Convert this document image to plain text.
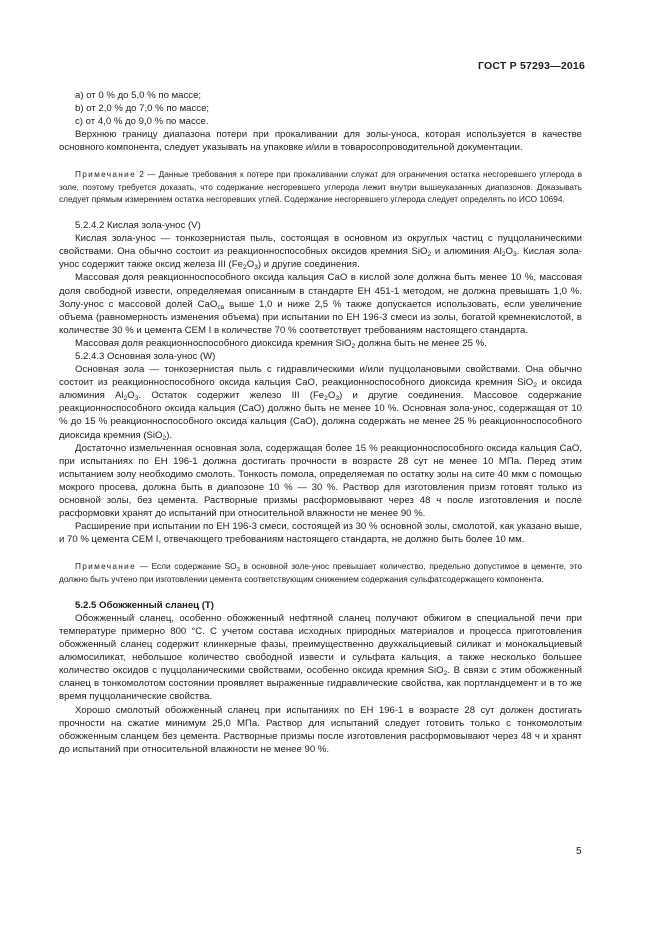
ГОСТ Р 57293—2016

a) от 0 % до 5,0 % по массе;

b) от 2,0 % до 7,0 % по массе;

c) от 4,0 % до 9,0 % по массе.

Верхнюю границу диапазона потери при прокаливании для золы-уноса, которая используется в качестве основного компонента, следует указывать на упаковке и/или в товаросопроводительной документации.

Примечание 2 — Данные требования к потере при прокаливании служат для ограничения остатка несгоревшего углерода в золе, поэтому требуется доказать, что содержание несгоревшего углерода лежит внутри вышеуказанных диапазонов. Доказывать следует прямым измерением остатка несгоревших углей. Содержание несгоревшего углерода следует определять по ИСО 10694.

5.2.4.2 Кислая зола-унос (V)

Кислая зола-унос — тонкозернистая пыль, состоящая в основном из округлых частиц с пуццоланическими свойствами. Она обычно состоит из реакционноспособных оксидов кремния SiO$_2$ и алюминия $Al_2O_3$. Кислая зола-унос содержит также оксид железа III $(Fe_2O_3)$ и другие соединения.

Массовая доля реакционноспособного оксида кальция CaO в кислой золе должна быть менее 10 %, массовая доля свободной извести, определяемая описанным в стандарте ЕН 451-1 методом, не должна превышать 1,0 %. Золу-унос с массовой долей CaO$_{св}$ выше 1,0 и ниже 2,5 % также допускается использовать, если увеличение объема (равномерность изменения объема) при испытании по ЕН 196-3 смеси из золы, богатой кремнекислотой, в количестве 30 % и цемента CEM I в количестве 70 % соответствует требованиям настоящего стандарта.

Массовая доля реакционноспособного диоксида кремния SiO$_2$ должна быть не менее 25 %.

5.2.4.3 Основная зола-унос (W)

Основная зола — тонкозернистая пыль с гидравлическими и/или пуццолановыми свойствами. Она обычно состоит из реакционноспособного оксида кальция CaO, реакционноспособного диоксида кремния SiO$_2$ и оксида алюминия $Al_2O_3$. Остаток содержит железо III $(Fe_2O_3)$ и другие соединения. Массовое содержание реакционноспособного оксида кальция (CaO) должно быть не менее 10 %. Основная зола-унос, содержащая от 10 % до 15 % реакционноспособного оксида кальция (CaO), должна содержать не менее 25 % реакционноспособного диоксида кремния (SiO$_2$).

Достаточно измельченная основная зола, содержащая более 15 % реакционноспособного оксида кальция CaO, при испытаниях по ЕН 196-1 должна достигать прочности в возрасте 28 сут не менее 10 МПа. Перед этим испытанием золу необходимо смолоть. Тонкость помола, определяемая по остатку золы на сите 40 мкм с помощью мокрого просева, должна быть в диапозоне 10 % — 30 %. Раствор для изготовления призм готовят только из основной золы, без цемента. Растворные призмы расформовывают через 48 ч после изготовления и после расформовки хранят до испытаний при относительной влажности не менее 90 %.

Расширение при испытании по ЕН 196-3 смеси, состоящей из 30 % основной золы, смолотой, как указано выше, и 70 % цемента CEM I, отвечающего требованиям настоящего стандарта, не должно быть более 10 мм.

Примечание — Если содержание $SO_3$ в основной золе-унос превышает количество, предельно допустимое в цементе, это должно быть учтено при изготовлении цемента соответствующим снижением содержания сульфатсодержащего компонента.

5.2.5 Обожженный сланец (T)

Обожженный сланец, особенно обожженный нефтяной сланец получают обжигом в специальной печи при температуре примерно 800 °С. С учетом состава исходных природных материалов и процесса приготовления обожженный сланец содержит клинкерные фазы, преимущественно двухкальциевый силикат и монокальциевый алюмосиликат, небольшое количество свободной извести и сульфата кальция, а также несколько большее количество оксидов с пуццоланическими свойствами, особенно оксида кремния SiO$_2$. В связи с этим обожженный сланец в тонкомолотом состоянии проявляет выраженные гидравлические свойства, как портландцемент и в то же время пуццоланические свойства.

Хорошо смолотый обожженный сланец при испытаниях по ЕН 196-1 в возрасте 28 сут должен достигать прочности на сжатие минимум 25,0 МПа. Раствор для испытаний следует готовить только с тонкомолотым обожженным сланцем без цемента. Растворные призмы после изготовления расформовывают через 48 ч и хранят до испытаний при относительной влажности не менее 90 %.

5
